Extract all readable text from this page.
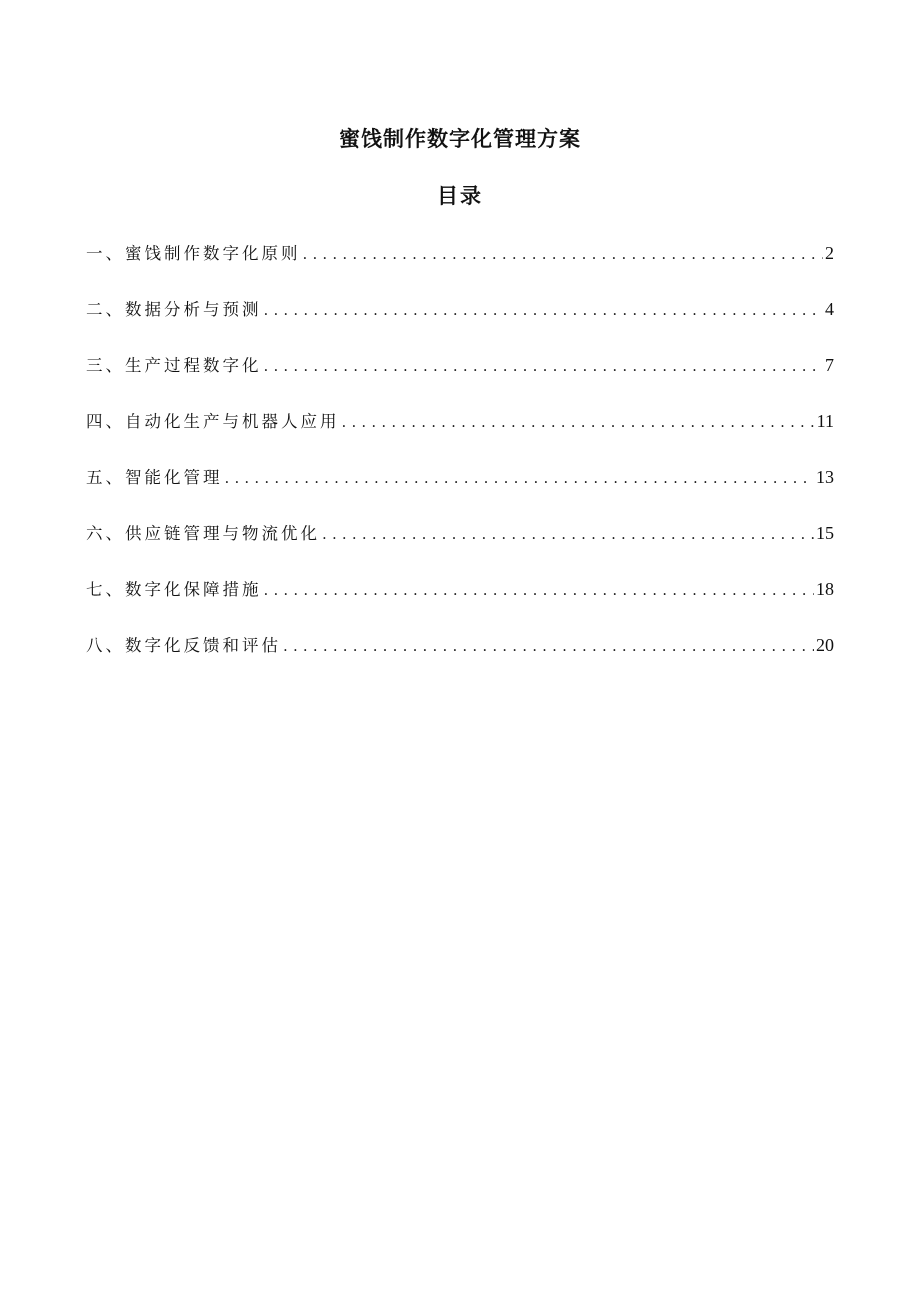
蜜饯制作数字化管理方案
目录
一、蜜饯制作数字化原则 .....	2
二、数据分析与预测 .....	4
三、生产过程数字化 .....	7
四、自动化生产与机器人应用 .....	11
五、智能化管理 .....	13
六、供应链管理与物流优化 .....	15
七、数字化保障措施 .....	18
八、数字化反馈和评估 .....	20
